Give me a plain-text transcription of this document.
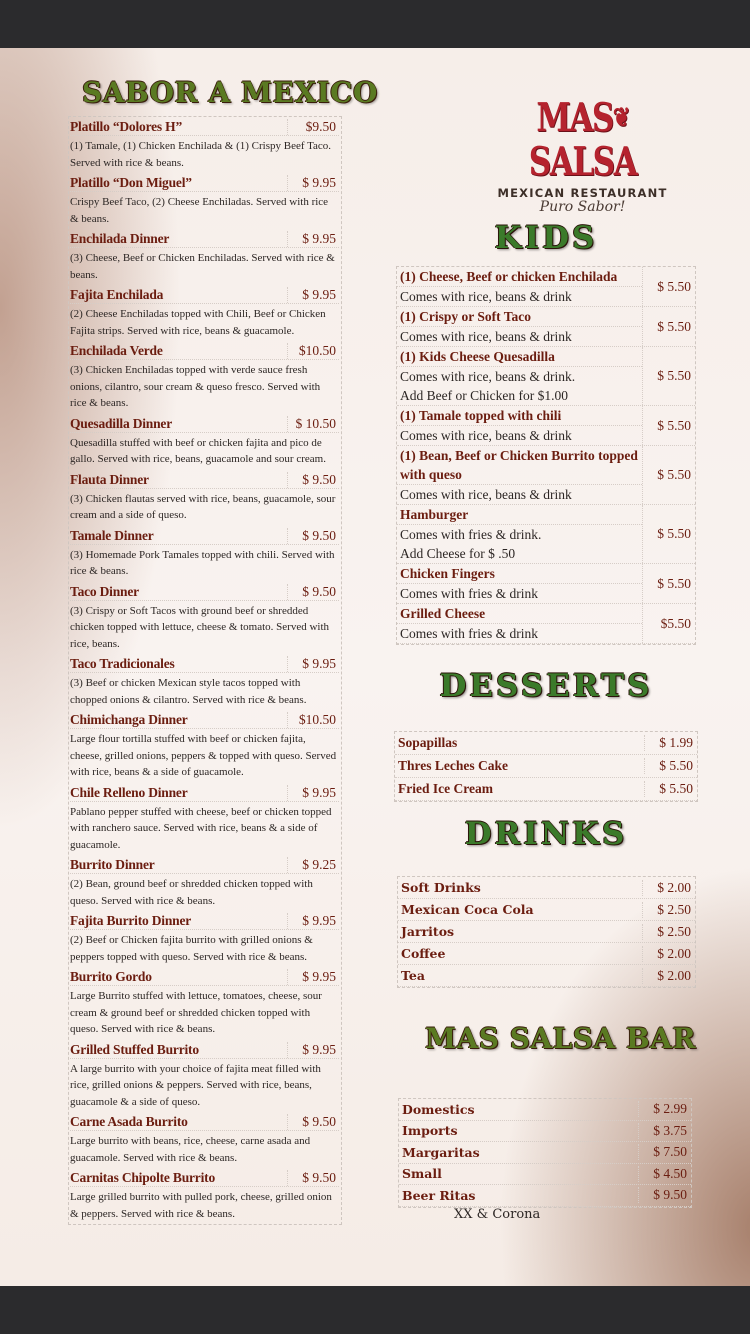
SABOR A MEXICO
Platillo “Dolores H”	$9.50
(1) Tamale, (1) Chicken Enchilada & (1) Crispy Beef Taco. Served with rice & beans.
Platillo “Don Miguel”	$ 9.95
Crispy Beef Taco, (2) Cheese Enchiladas. Served with rice & beans.
Enchilada Dinner	$ 9.95
(3) Cheese, Beef or Chicken Enchiladas. Served with rice & beans.
Fajita Enchilada	$ 9.95
(2) Cheese Enchiladas topped with Chili, Beef or Chicken Fajita strips. Served with rice, beans & guacamole.
Enchilada Verde	$10.50
(3) Chicken Enchiladas topped with verde sauce fresh onions, cilantro, sour cream & queso fresco. Served with rice & beans.
Quesadilla Dinner	$ 10.50
Quesadilla stuffed with beef or chicken fajita and pico de gallo. Served with rice, beans, guacamole and sour cream.
Flauta Dinner	$ 9.50
(3) Chicken flautas served with rice, beans, guacamole, sour cream and a side of queso.
Tamale Dinner	$ 9.50
(3) Homemade Pork Tamales topped with chili. Served with rice & beans.
Taco Dinner	$ 9.50
(3) Crispy or Soft Tacos with ground beef or shredded chicken topped with lettuce, cheese & tomato. Served with rice, beans.
Taco Tradicionales	$ 9.95
(3) Beef or chicken Mexican style tacos topped with chopped onions & cilantro. Served with rice & beans.
Chimichanga Dinner	$10.50
Large flour tortilla stuffed with beef or chicken fajita, cheese, grilled onions, peppers & topped with queso. Served with rice, beans & a side of guacamole.
Chile Relleno Dinner	$ 9.95
Pablano pepper stuffed with cheese, beef or chicken topped with ranchero sauce. Served with rice, beans & a side of guacamole.
Burrito Dinner	$ 9.25
(2) Bean, ground beef or shredded chicken topped with queso. Served with rice & beans.
Fajita Burrito Dinner	$ 9.95
(2) Beef or Chicken fajita burrito with grilled onions & peppers topped with queso. Served with rice & beans.
Burrito Gordo	$ 9.95
Large Burrito stuffed with lettuce, tomatoes, cheese, sour cream & ground beef or shredded chicken topped with queso. Served with rice & beans.
Grilled Stuffed Burrito	$ 9.95
A large burrito with your choice of fajita meat filled with rice, grilled onions & peppers. Served with rice, beans, guacamole & a side of queso.
Carne Asada Burrito	$ 9.50
Large burrito with beans, rice, cheese, carne asada and guacamole. Served with rice & beans.
Carnitas Chipolte Burrito	$ 9.50
Large grilled burrito with pulled pork, cheese, grilled onion & peppers. Served with rice & beans.
MAS❦SALSA
MEXICAN RESTAURANT
Puro Sabor!
KIDS
(1) Cheese, Beef or chicken Enchilada
Comes with rice, beans & drink
$ 5.50
(1) Crispy or Soft Taco
Comes with rice, beans & drink
$ 5.50
(1) Kids Cheese Quesadilla
Comes with rice, beans & drink.
Add Beef or Chicken for $1.00
$ 5.50
(1) Tamale topped with chili
Comes with rice, beans & drink
$ 5.50
(1) Bean, Beef or Chicken Burrito topped with queso
Comes with rice, beans & drink
$ 5.50
Hamburger
Comes with fries & drink.
Add Cheese for $ .50
$ 5.50
Chicken Fingers
Comes with fries & drink
$ 5.50
Grilled Cheese
Comes with fries & drink
$5.50
DESSERTS
Sopapillas	$ 1.99
Thres Leches Cake	$ 5.50
Fried Ice Cream	$ 5.50
DRINKS
Soft Drinks	$ 2.00
Mexican Coca Cola	$ 2.50
Jarritos	$ 2.50
Coffee	$ 2.00
Tea	$ 2.00
MAS SALSA BAR
Domestics	$ 2.99
Imports	$ 3.75
Margaritas	$ 7.50
Small	$ 4.50
Beer Ritas	$ 9.50
XX & Corona
